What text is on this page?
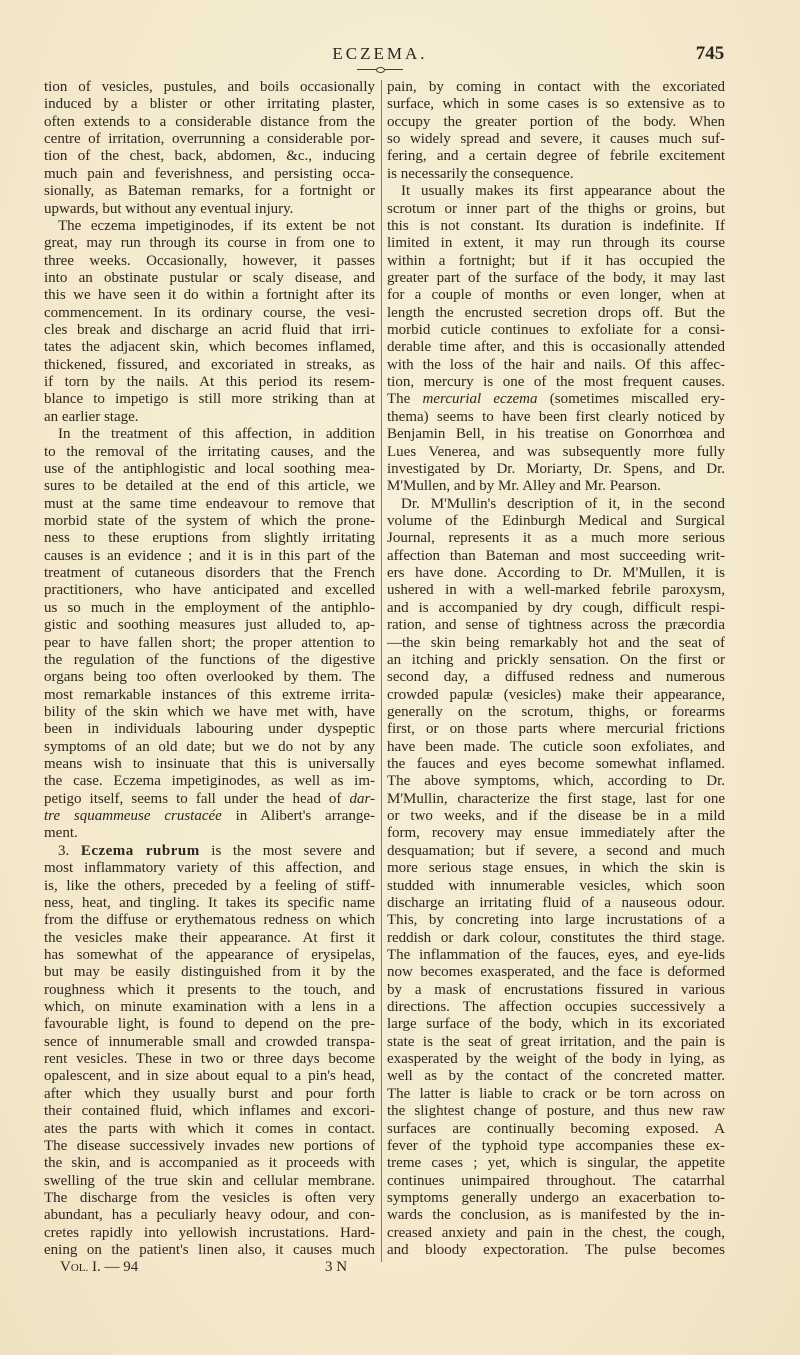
ECZEMA.	745
tion of vesicles, pustules, and boils occasionally
induced by a blister or other irritating plaster,
often extends to a considerable distance from the
centre of irritation, overrunning a considerable por-
tion of the chest, back, abdomen, &c., inducing
much pain and feverishness, and persisting occa-
sionally, as Bateman remarks, for a fortnight or
upwards, but without any eventual injury.
The eczema impetiginodes, if its extent be not
great, may run through its course in from one to
three weeks. Occasionally, however, it passes
into an obstinate pustular or scaly disease, and
this we have seen it do within a fortnight after its
commencement. In its ordinary course, the vesi-
cles break and discharge an acrid fluid that irri-
tates the adjacent skin, which becomes inflamed,
thickened, fissured, and excoriated in streaks, as
if torn by the nails. At this period its resem-
blance to impetigo is still more striking than at
an earlier stage.
In the treatment of this affection, in addition
to the removal of the irritating causes, and the
use of the antiphlogistic and local soothing mea-
sures to be detailed at the end of this article, we
must at the same time endeavour to remove that
morbid state of the system of which the prone-
ness to these eruptions from slightly irritating
causes is an evidence ; and it is in this part of the
treatment of cutaneous disorders that the French
practitioners, who have anticipated and excelled
us so much in the employment of the antiphlo-
gistic and soothing measures just alluded to, ap-
pear to have fallen short; the proper attention to
the regulation of the functions of the digestive
organs being too often overlooked by them. The
most remarkable instances of this extreme irrita-
bility of the skin which we have met with, have
been in individuals labouring under dyspeptic
symptoms of an old date; but we do not by any
means wish to insinuate that this is universally
the case. Eczema impetiginodes, as well as im-
petigo itself, seems to fall under the head of dar-
tre squammeuse crustacée in Alibert's arrange-
ment.
3. Eczema rubrum is the most severe and
most inflammatory variety of this affection, and
is, like the others, preceded by a feeling of stiff-
ness, heat, and tingling. It takes its specific name
from the diffuse or erythematous redness on which
the vesicles make their appearance. At first it
has somewhat of the appearance of erysipelas,
but may be easily distinguished from it by the
roughness which it presents to the touch, and
which, on minute examination with a lens in a
favourable light, is found to depend on the pre-
sence of innumerable small and crowded transpa-
rent vesicles. These in two or three days become
opalescent, and in size about equal to a pin's head,
after which they usually burst and pour forth
their contained fluid, which inflames and excori-
ates the parts with which it comes in contact.
The disease successively invades new portions of
the skin, and is accompanied as it proceeds with
swelling of the true skin and cellular membrane.
The discharge from the vesicles is often very
abundant, has a peculiarly heavy odour, and con-
cretes rapidly into yellowish incrustations. Hard-
ening on the patient's linen also, it causes much
pain, by coming in contact with the excoriated
surface, which in some cases is so extensive as to
occupy the greater portion of the body. When
so widely spread and severe, it causes much suf-
fering, and a certain degree of febrile excitement
is necessarily the consequence.
It usually makes its first appearance about the
scrotum or inner part of the thighs or groins, but
this is not constant. Its duration is indefinite. If
limited in extent, it may run through its course
within a fortnight; but if it has occupied the
greater part of the surface of the body, it may last
for a couple of months or even longer, when at
length the encrusted secretion drops off. But the
morbid cuticle continues to exfoliate for a consi-
derable time after, and this is occasionally attended
with the loss of the hair and nails. Of this affec-
tion, mercury is one of the most frequent causes.
The mercurial eczema (sometimes miscalled ery-
thema) seems to have been first clearly noticed by
Benjamin Bell, in his treatise on Gonorrhœa and
Lues Venerea, and was subsequently more fully
investigated by Dr. Moriarty, Dr. Spens, and Dr.
M'Mullen, and by Mr. Alley and Mr. Pearson.
Dr. M'Mullin's description of it, in the second
volume of the Edinburgh Medical and Surgical
Journal, represents it as a much more serious
affection than Bateman and most succeeding writ-
ers have done. According to Dr. M'Mullen, it is
ushered in with a well-marked febrile paroxysm,
and is accompanied by dry cough, difficult respi-
ration, and sense of tightness across the præcordia
—the skin being remarkably hot and the seat of
an itching and prickly sensation. On the first or
second day, a diffused redness and numerous
crowded papulæ (vesicles) make their appearance,
generally on the scrotum, thighs, or forearms
first, or on those parts where mercurial frictions
have been made. The cuticle soon exfoliates, and
the fauces and eyes become somewhat inflamed.
The above symptoms, which, according to Dr.
M'Mullin, characterize the first stage, last for one
or two weeks, and if the disease be in a mild
form, recovery may ensue immediately after the
desquamation; but if severe, a second and much
more serious stage ensues, in which the skin is
studded with innumerable vesicles, which soon
discharge an irritating fluid of a nauseous odour.
This, by concreting into large incrustations of a
reddish or dark colour, constitutes the third stage.
The inflammation of the fauces, eyes, and eye-lids
now becomes exasperated, and the face is deformed
by a mask of encrustations fissured in various
directions. The affection occupies successively a
large surface of the body, which in its excoriated
state is the seat of great irritation, and the pain is
exasperated by the weight of the body in lying, as
well as by the contact of the concreted matter.
The latter is liable to crack or be torn across on
the slightest change of posture, and thus new raw
surfaces are continually becoming exposed. A
fever of the typhoid type accompanies these ex-
treme cases ; yet, which is singular, the appetite
continues unimpaired throughout. The catarrhal
symptoms generally undergo an exacerbation to-
wards the conclusion, as is manifested by the in-
creased anxiety and pain in the chest, the cough,
and bloody expectoration. The pulse becomes
VOL. I. — 94	3 N
